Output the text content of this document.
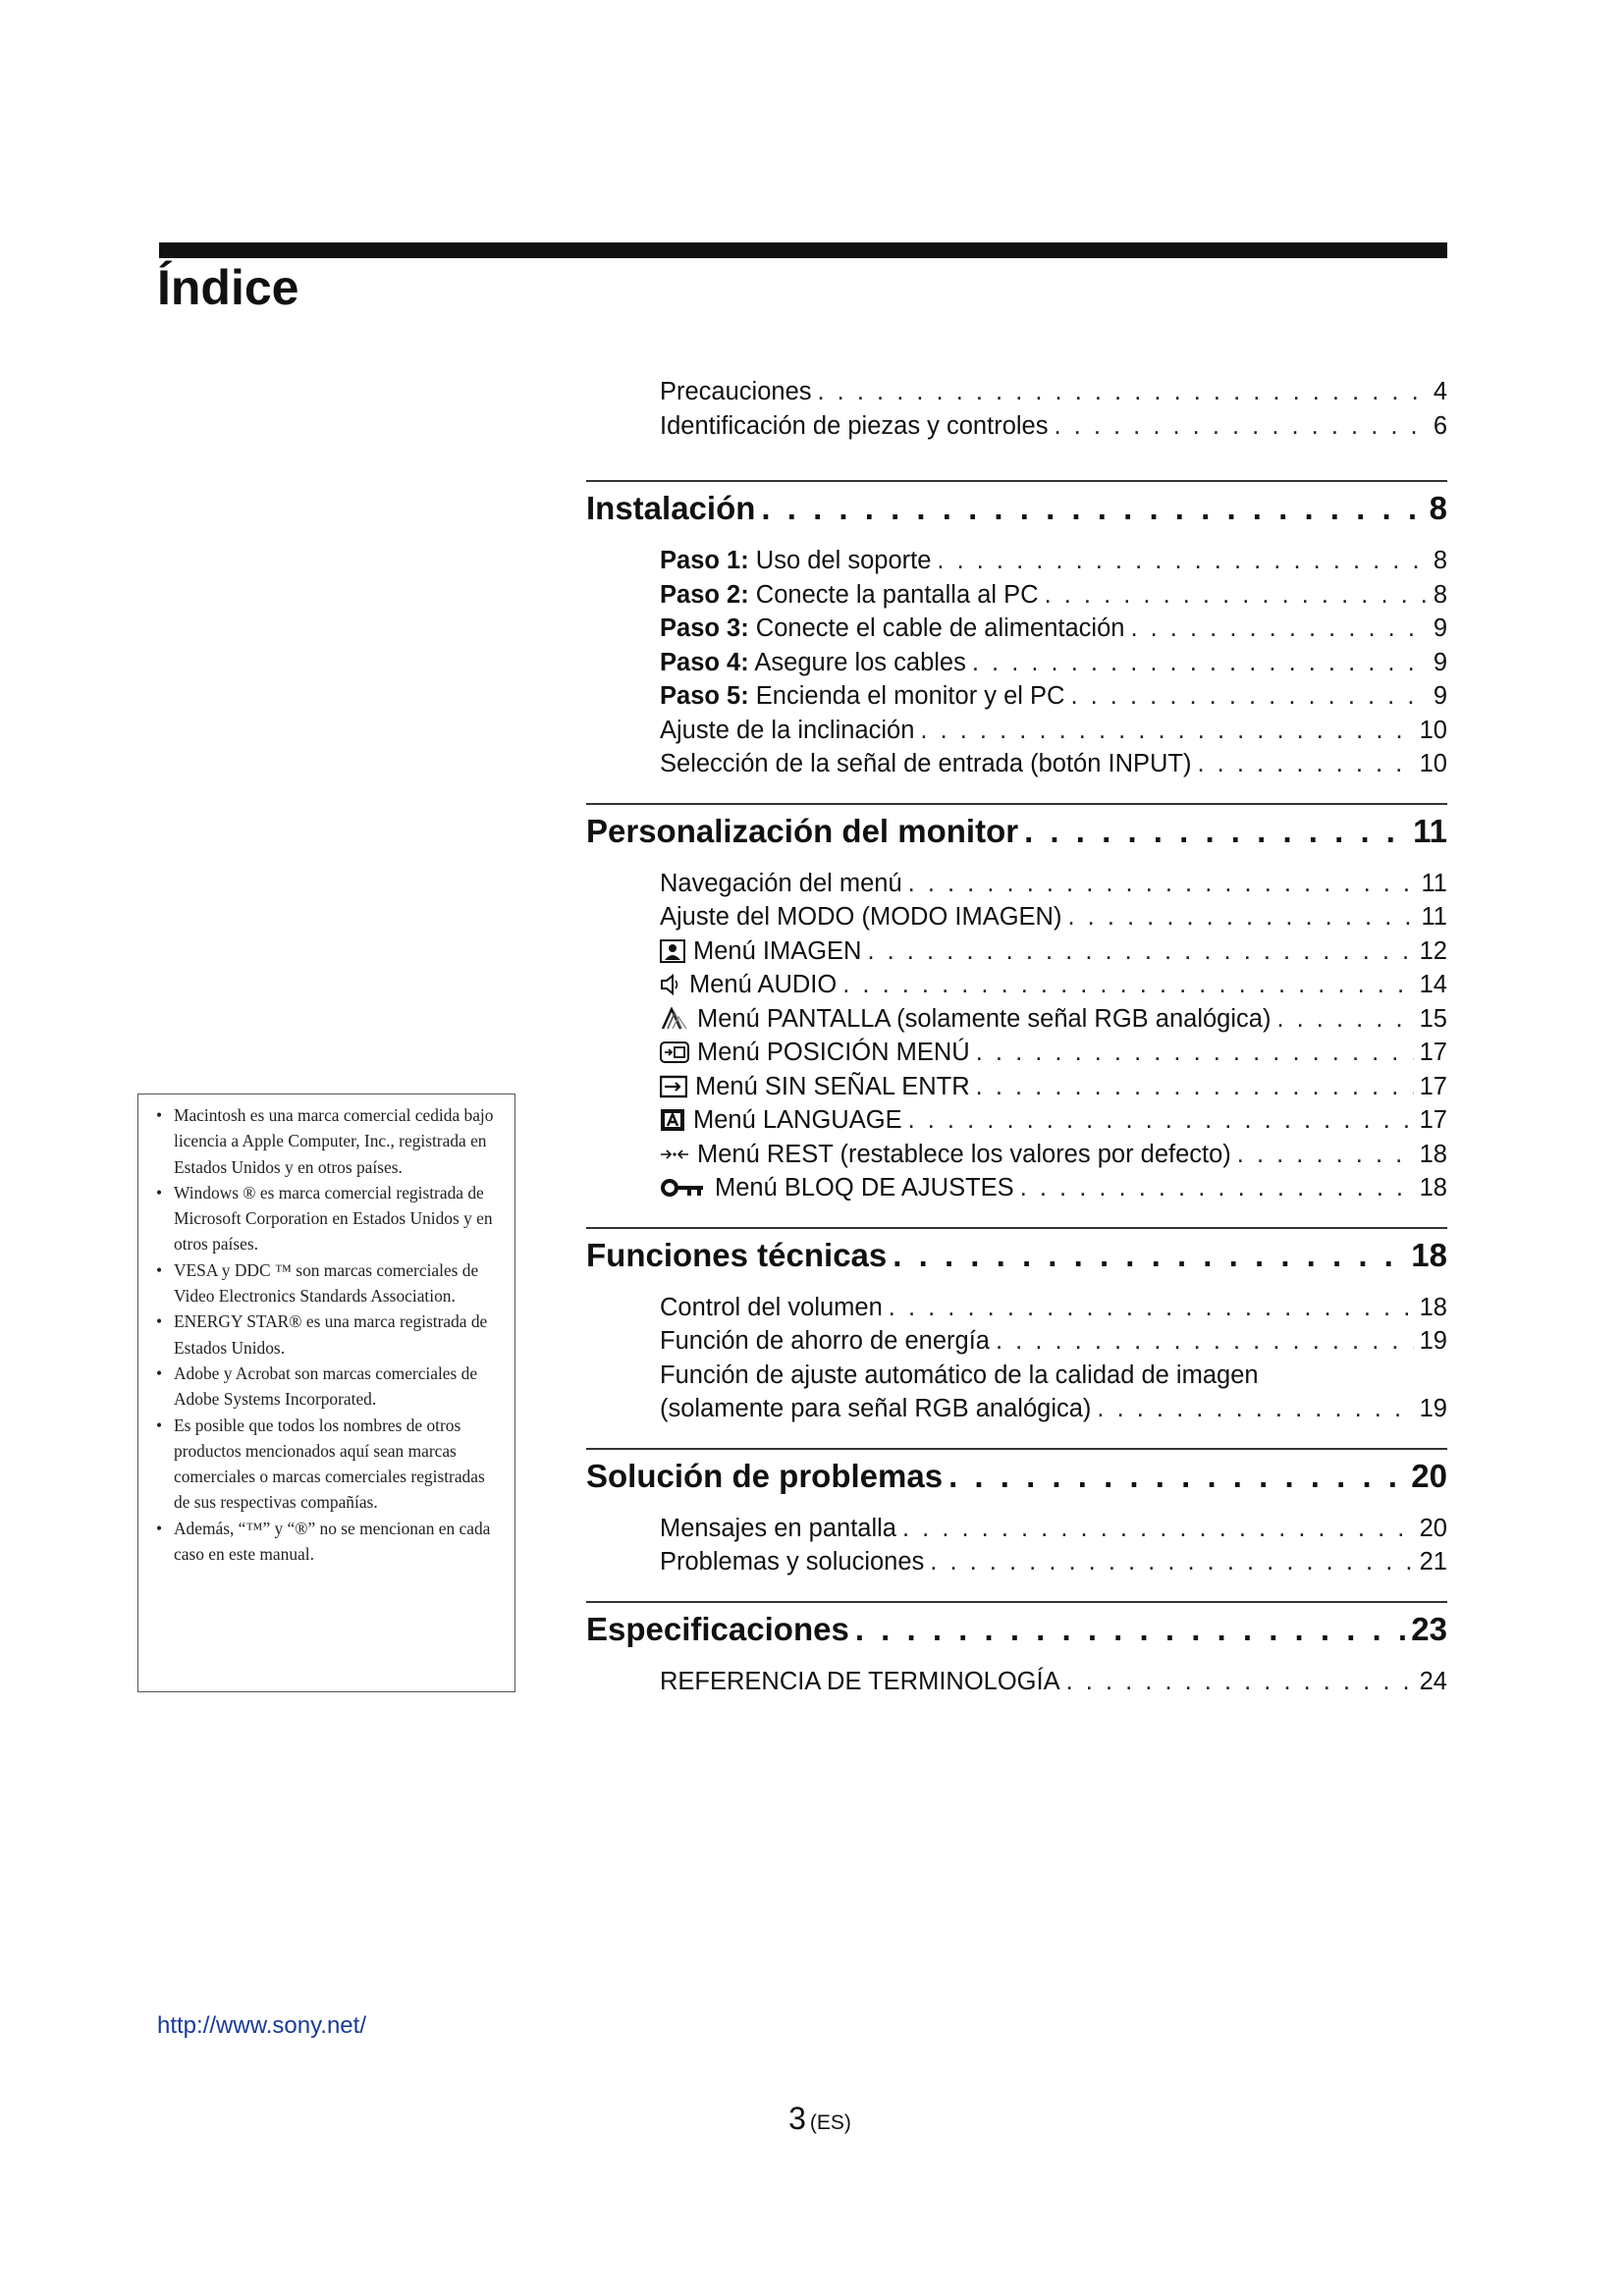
Índice
Precauciones . . .	4
Identificación de piezas y controles . . .	6
Instalación . . .	8
Paso 1: Uso del soporte . . .	8
Paso 2: Conecte la pantalla al PC . . .	8
Paso 3: Conecte el cable de alimentación . . .	9
Paso 4: Asegure los cables . . .	9
Paso 5: Encienda el monitor y el PC . . .	9
Ajuste de la inclinación . . .	10
Selección de la señal de entrada (botón INPUT) . . .	10
Personalización del monitor . . .	11
Navegación del menú . . .	11
Ajuste del MODO (MODO IMAGEN) . . .	11
Menú IMAGEN . . .	12
Menú AUDIO . . .	14
Menú PANTALLA (solamente señal RGB analógica) . . .	15
Menú POSICIÓN MENÚ . . .	17
Menú SIN SEÑAL ENTR . . .	17
Menú LANGUAGE . . .	17
Menú REST (restablece los valores por defecto) . . .	18
Menú BLOQ DE AJUSTES . . .	18
Funciones técnicas . . .	18
Control del volumen . . .	18
Función de ahorro de energía . . .	19
Función de ajuste automático de la calidad de imagen
(solamente para señal RGB analógica) . . .	19
Solución de problemas . . .	20
Mensajes en pantalla . . .	20
Problemas y soluciones . . .	21
Especificaciones . . .	23
REFERENCIA DE TERMINOLOGÍA . . .	24
• Macintosh es una marca comercial cedida bajo licencia a Apple Computer, Inc., registrada en Estados Unidos y en otros países.
• Windows ® es marca comercial registrada de Microsoft Corporation en Estados Unidos y en otros países.
• VESA y DDC ™ son marcas comerciales de Video Electronics Standards Association.
• ENERGY STAR® es una marca registrada de Estados Unidos.
• Adobe y Acrobat son marcas comerciales de Adobe Systems Incorporated.
• Es posible que todos los nombres de otros productos mencionados aquí sean marcas comerciales o marcas comerciales registradas de sus respectivas compañías.
• Además, “™” y “®” no se mencionan en cada caso en este manual.
http://www.sony.net/
3 (ES)
